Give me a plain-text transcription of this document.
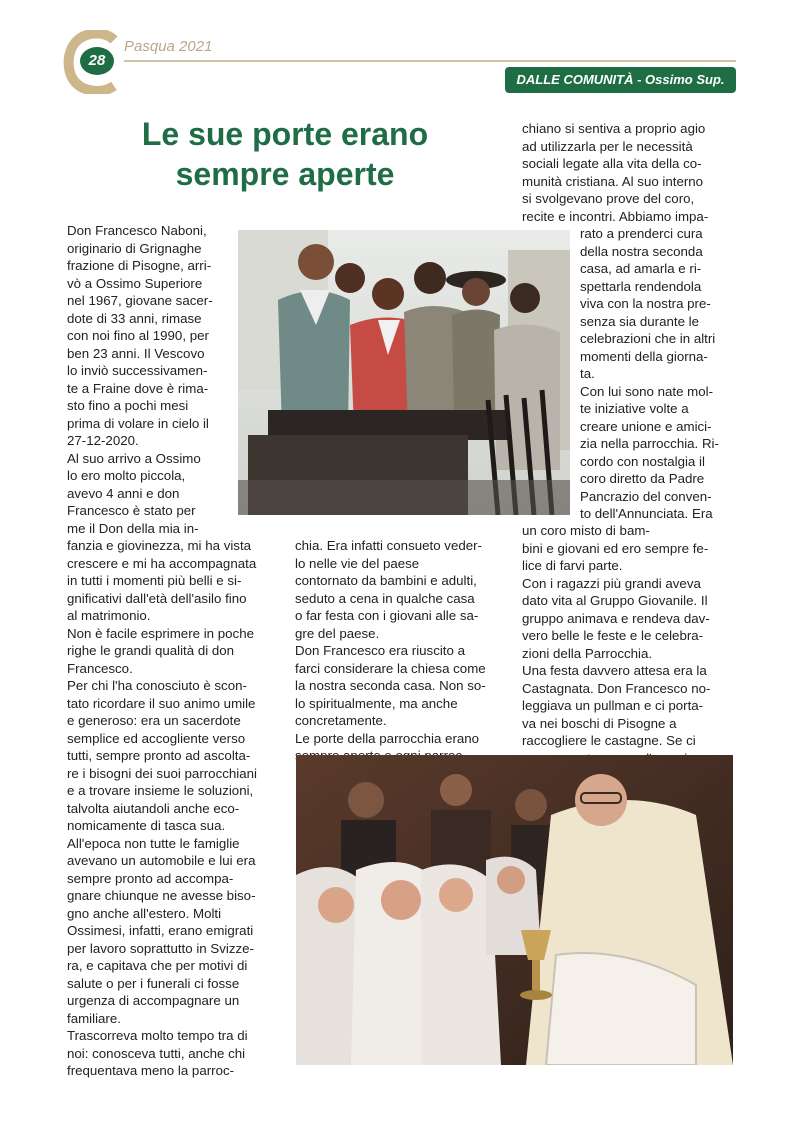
28
Pasqua 2021
DALLE COMUNITÀ - Ossimo Sup.
Le sue porte erano
sempre aperte

Don Francesco Naboni,

originario di Grignaghe

frazione di Pisogne, arri-

vò a Ossimo Superiore

nel 1967, giovane sacer-

dote di 33 anni, rimase

con noi fino al 1990, per

ben 23 anni. Il Vescovo

lo inviò successivamen-

te a Fraine dove è rima-

sto fino a pochi mesi

prima di volare in cielo il

27-12-2020.

Al suo arrivo a Ossimo

lo ero molto piccola,

avevo 4 anni e don

Francesco è stato per

me il Don della mia in-

fanzia e giovinezza, mi ha vista

crescere e mi ha accompagnata

in tutti i momenti più belli e si-

gnificativi dall'età dell'asilo fino

al matrimonio.

Non è facile esprimere in poche

righe le grandi qualità di don

Francesco.

Per chi l'ha conosciuto è scon-

tato ricordare il suo animo umile

e generoso: era un sacerdote

semplice ed accogliente verso

tutti, sempre pronto ad ascolta-

re i bisogni dei suoi parrocchiani

e a trovare insieme le soluzioni,

talvolta aiutandoli anche eco-

nomicamente di tasca sua.

All'epoca non tutte le famiglie

avevano un automobile e lui era

sempre pronto ad accompa-

gnare chiunque ne avesse biso-

gno anche all'estero. Molti

Ossimesi, infatti, erano emigrati

per lavoro soprattutto in Svizze-

ra, e capitava che per motivi di

salute o per i funerali ci fosse

urgenza di accompagnare un

familiare.

Trascorreva molto tempo tra di

noi: conosceva tutti, anche chi

frequentava meno la parroc-

chia. Era infatti consueto veder-

lo nelle vie del paese

contornato da bambini e adulti,

seduto a cena in qualche casa

o far festa con i giovani alle sa-

gre del paese.

Don Francesco era riuscito a

farci considerare la chiesa come

la nostra seconda casa. Non so-

lo spiritualmente, ma anche

concretamente.

Le porte della parrocchia erano

chiano si sentiva a proprio agio

ad utilizzarla per le necessità

sociali legate alla vita della co-

munità cristiana. Al suo interno

si svolgevano prove del coro,

recite e incontri. Abbiamo impa-

rato a prenderci cura

della nostra seconda

casa, ad amarla e ri-

spettarla rendendola

viva con la nostra pre-

senza sia durante le

celebrazioni che in altri

momenti della giorna-

ta.

Con lui sono nate mol-

te iniziative volte a

creare unione e amici-

zia nella parrocchia. Ri-

cordo con nostalgia il

coro diretto da Padre

Pancrazio del conven-

to dell'Annunciata. Era

un coro misto di bam-

bini e giovani ed ero sempre fe-

lice di farvi parte.

Con i ragazzi più grandi aveva

dato vita al Gruppo Giovanile. Il

gruppo animava e rendeva dav-

vero belle le feste e le celebra-

zioni della Parrocchia.

Una festa davvero attesa era la

Castagnata. Don Francesco no-

leggiava un pullman e ci porta-

va nei boschi di Pisogne a

raccogliere le castagne. Se ci
